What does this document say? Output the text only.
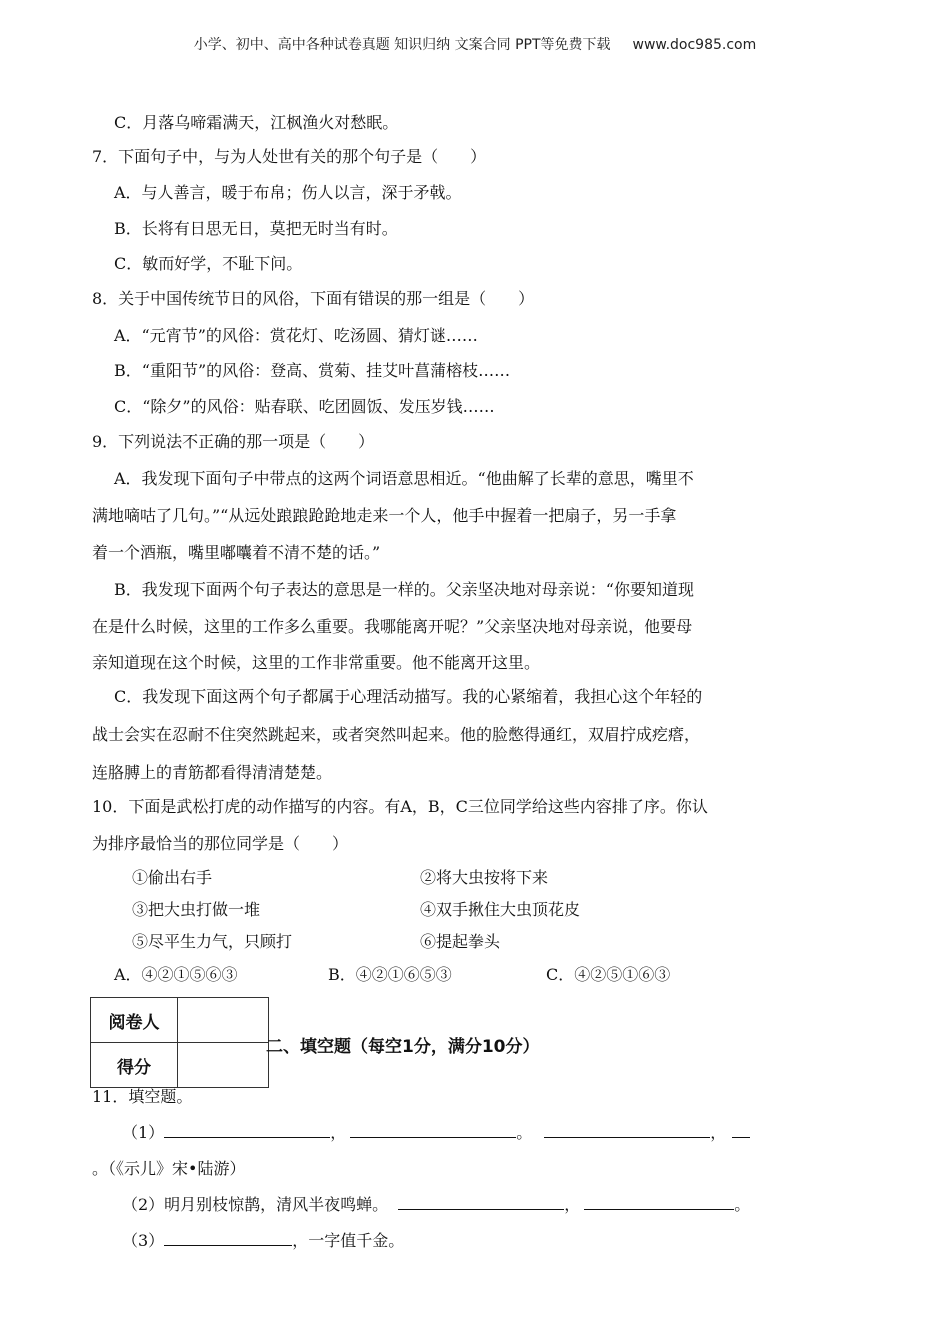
小学、初中、高中各种试卷真题 知识归纳 文案合同 PPT等免费下载 www.doc985.com
C．月落乌啼霜满天，江枫渔火对愁眠。
7．下面句子中，与为人处世有关的那个句子是（　　）
A．与人善言，暖于布帛；伤人以言，深于矛戟。
B．长将有日思无日，莫把无时当有时。
C．敏而好学，不耻下问。
8．关于中国传统节日的风俗，下面有错误的那一组是（　　）
A．“元宵节”的风俗：赏花灯、吃汤圆、猜灯谜……
B．“重阳节”的风俗：登高、赏菊、挂艾叶菖蒲榕枝……
C．“除夕”的风俗：贴春联、吃团圆饭、发压岁钱……
9．下列说法不正确的那一项是（　　）
A．我发现下面句子中带点的这两个词语意思相近。“他曲解了长辈的意思，嘴里不
满地嘀咕了几句。”“从远处踉踉跄跄地走来一个人，他手中握着一把扇子，另一手拿
着一个酒瓶，嘴里嘟囔着不清不楚的话。”
B．我发现下面两个句子表达的意思是一样的。父亲坚决地对母亲说：“你要知道现
在是什么时候，这里的工作多么重要。我哪能离开呢？”父亲坚决地对母亲说，他要母
亲知道现在这个时候，这里的工作非常重要。他不能离开这里。
C．我发现下面这两个句子都属于心理活动描写。我的心紧缩着，我担心这个年轻的
战士会实在忍耐不住突然跳起来，或者突然叫起来。他的脸憋得通红，双眉拧成疙瘩，
连胳膊上的青筋都看得清清楚楚。
10．下面是武松打虎的动作描写的内容。有A，B，C三位同学给这些内容排了序。你认
为排序最恰当的那位同学是（　　）
①偷出右手	②将大虫按将下来
③把大虫打做一堆	④双手揪住大虫顶花皮
⑤尽平生力气，只顾打	⑥提起拳头
A．④②①⑤⑥③	B．④②①⑥⑤③	C．④②⑤①⑥③
阅卷人	
得分	
二、填空题（每空1分，满分10分）
11．填空题。
（1）	，	。	，
。（《示儿》宋•陆游）
（2）明月别枝惊鹊，清风半夜鸣蝉。	，	。
（3）	，一字值千金。
